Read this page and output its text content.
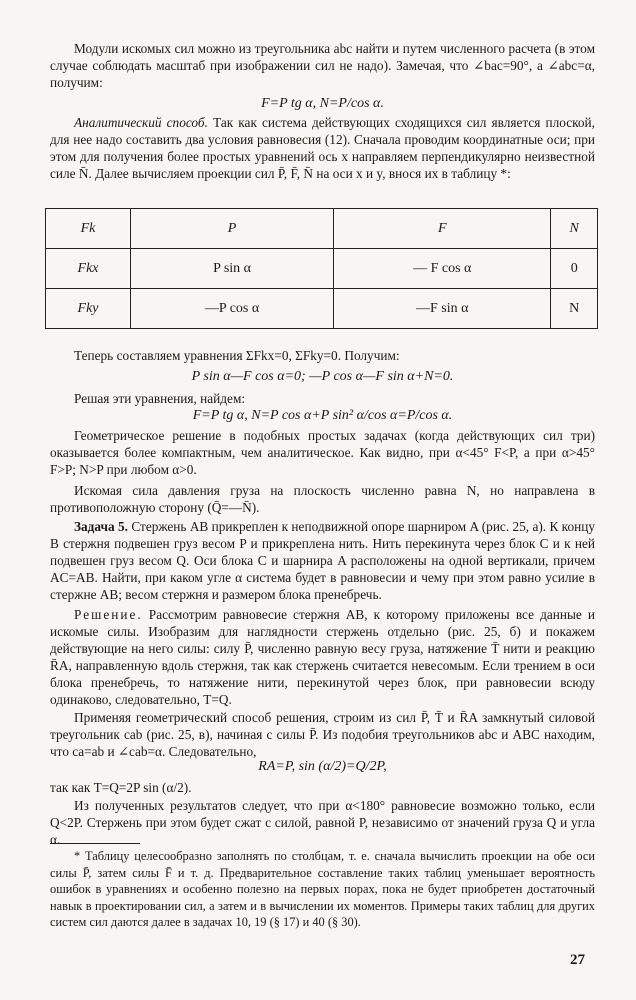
Модули искомых сил можно из треугольника abc найти и путем численного расчета (в этом случае соблюдать масштаб при изображении сил не надо). Замечая, что ∠bac=90°, а ∠abc=α, получим:

F=P tg α, N=P/cos α.

Аналитический способ. Так как система действующих сходящихся сил является плоской, для нее надо составить два условия равновесия (12). Сначала проводим координатные оси; при этом для получения более простых уравнений ось x направляем перпендикулярно неизвестной силе N̄. Далее вычисляем проекции сил P̄, F̄, N̄ на оси x и y, внося их в таблицу *:

Fk	P	F	N
Fkx	P sin α	— F cos α	0
Fky	—P cos α	—F sin α	N

Теперь составляем уравнения ΣFkx=0, ΣFky=0. Получим:

P sin α—F cos α=0; —P cos α—F sin α+N=0.

Решая эти уравнения, найдем:

F=P tg α, N=P cos α+P sin² α/cos α=P/cos α.

Геометрическое решение в подобных простых задачах (когда действующих сил три) оказывается более компактным, чем аналитическое. Как видно, при α<45° F<P, а при α>45° F>P; N>P при любом α>0.

Искомая сила давления груза на плоскость численно равна N, но направлена в противоположную сторону (Q̄=—N̄).

Задача 5. Стержень AB прикреплен к неподвижной опоре шарниром A (рис. 25, а). К концу B стержня подвешен груз весом P и прикреплена нить. Нить перекинута через блок C и к ней подвешен груз весом Q. Оси блока C и шарнира A расположены на одной вертикали, причем AC=AB. Найти, при каком угле α система будет в равновесии и чему при этом равно усилие в стержне AB; весом стержня и размером блока пренебречь.

Решение. Рассмотрим равновесие стержня AB, к которому приложены все данные и искомые силы. Изобразим для наглядности стержень отдельно (рис. 25, б) и покажем действующие на него силы: силу P̄, численно равную весу груза, натяжение T̄ нити и реакцию R̄A, направленную вдоль стержня, так как стержень считается невесомым. Если трением в оси блока пренебречь, то натяжение нити, перекинутой через блок, при равновесии всюду одинаково, следовательно, T=Q.

Применяя геометрический способ решения, строим из сил P̄, T̄ и R̄A замкнутый силовой треугольник cab (рис. 25, в), начиная с силы P̄. Из подобия треугольников abc и ABC находим, что ca=ab и ∠cab=α. Следовательно,

RA=P, sin (α/2)=Q/2P,

так как T=Q=2P sin (α/2).

Из полученных результатов следует, что при α<180° равновесие возможно только, если Q<2P. Стержень при этом будет сжат с силой, равной P, независимо от значений груза Q и угла α.

* Таблицу целесообразно заполнять по столбцам, т. е. сначала вычислить проекции на обе оси силы P̄, затем силы F̄ и т. д. Предварительное составление таких таблиц уменьшает вероятность ошибок в уравнениях и особенно полезно на первых порах, пока не будет приобретен достаточный навык в проектировании сил, а затем и в вычислении их моментов. Примеры таких таблиц для других систем сил даются далее в задачах 10, 19 (§ 17) и 40 (§ 30).

27
